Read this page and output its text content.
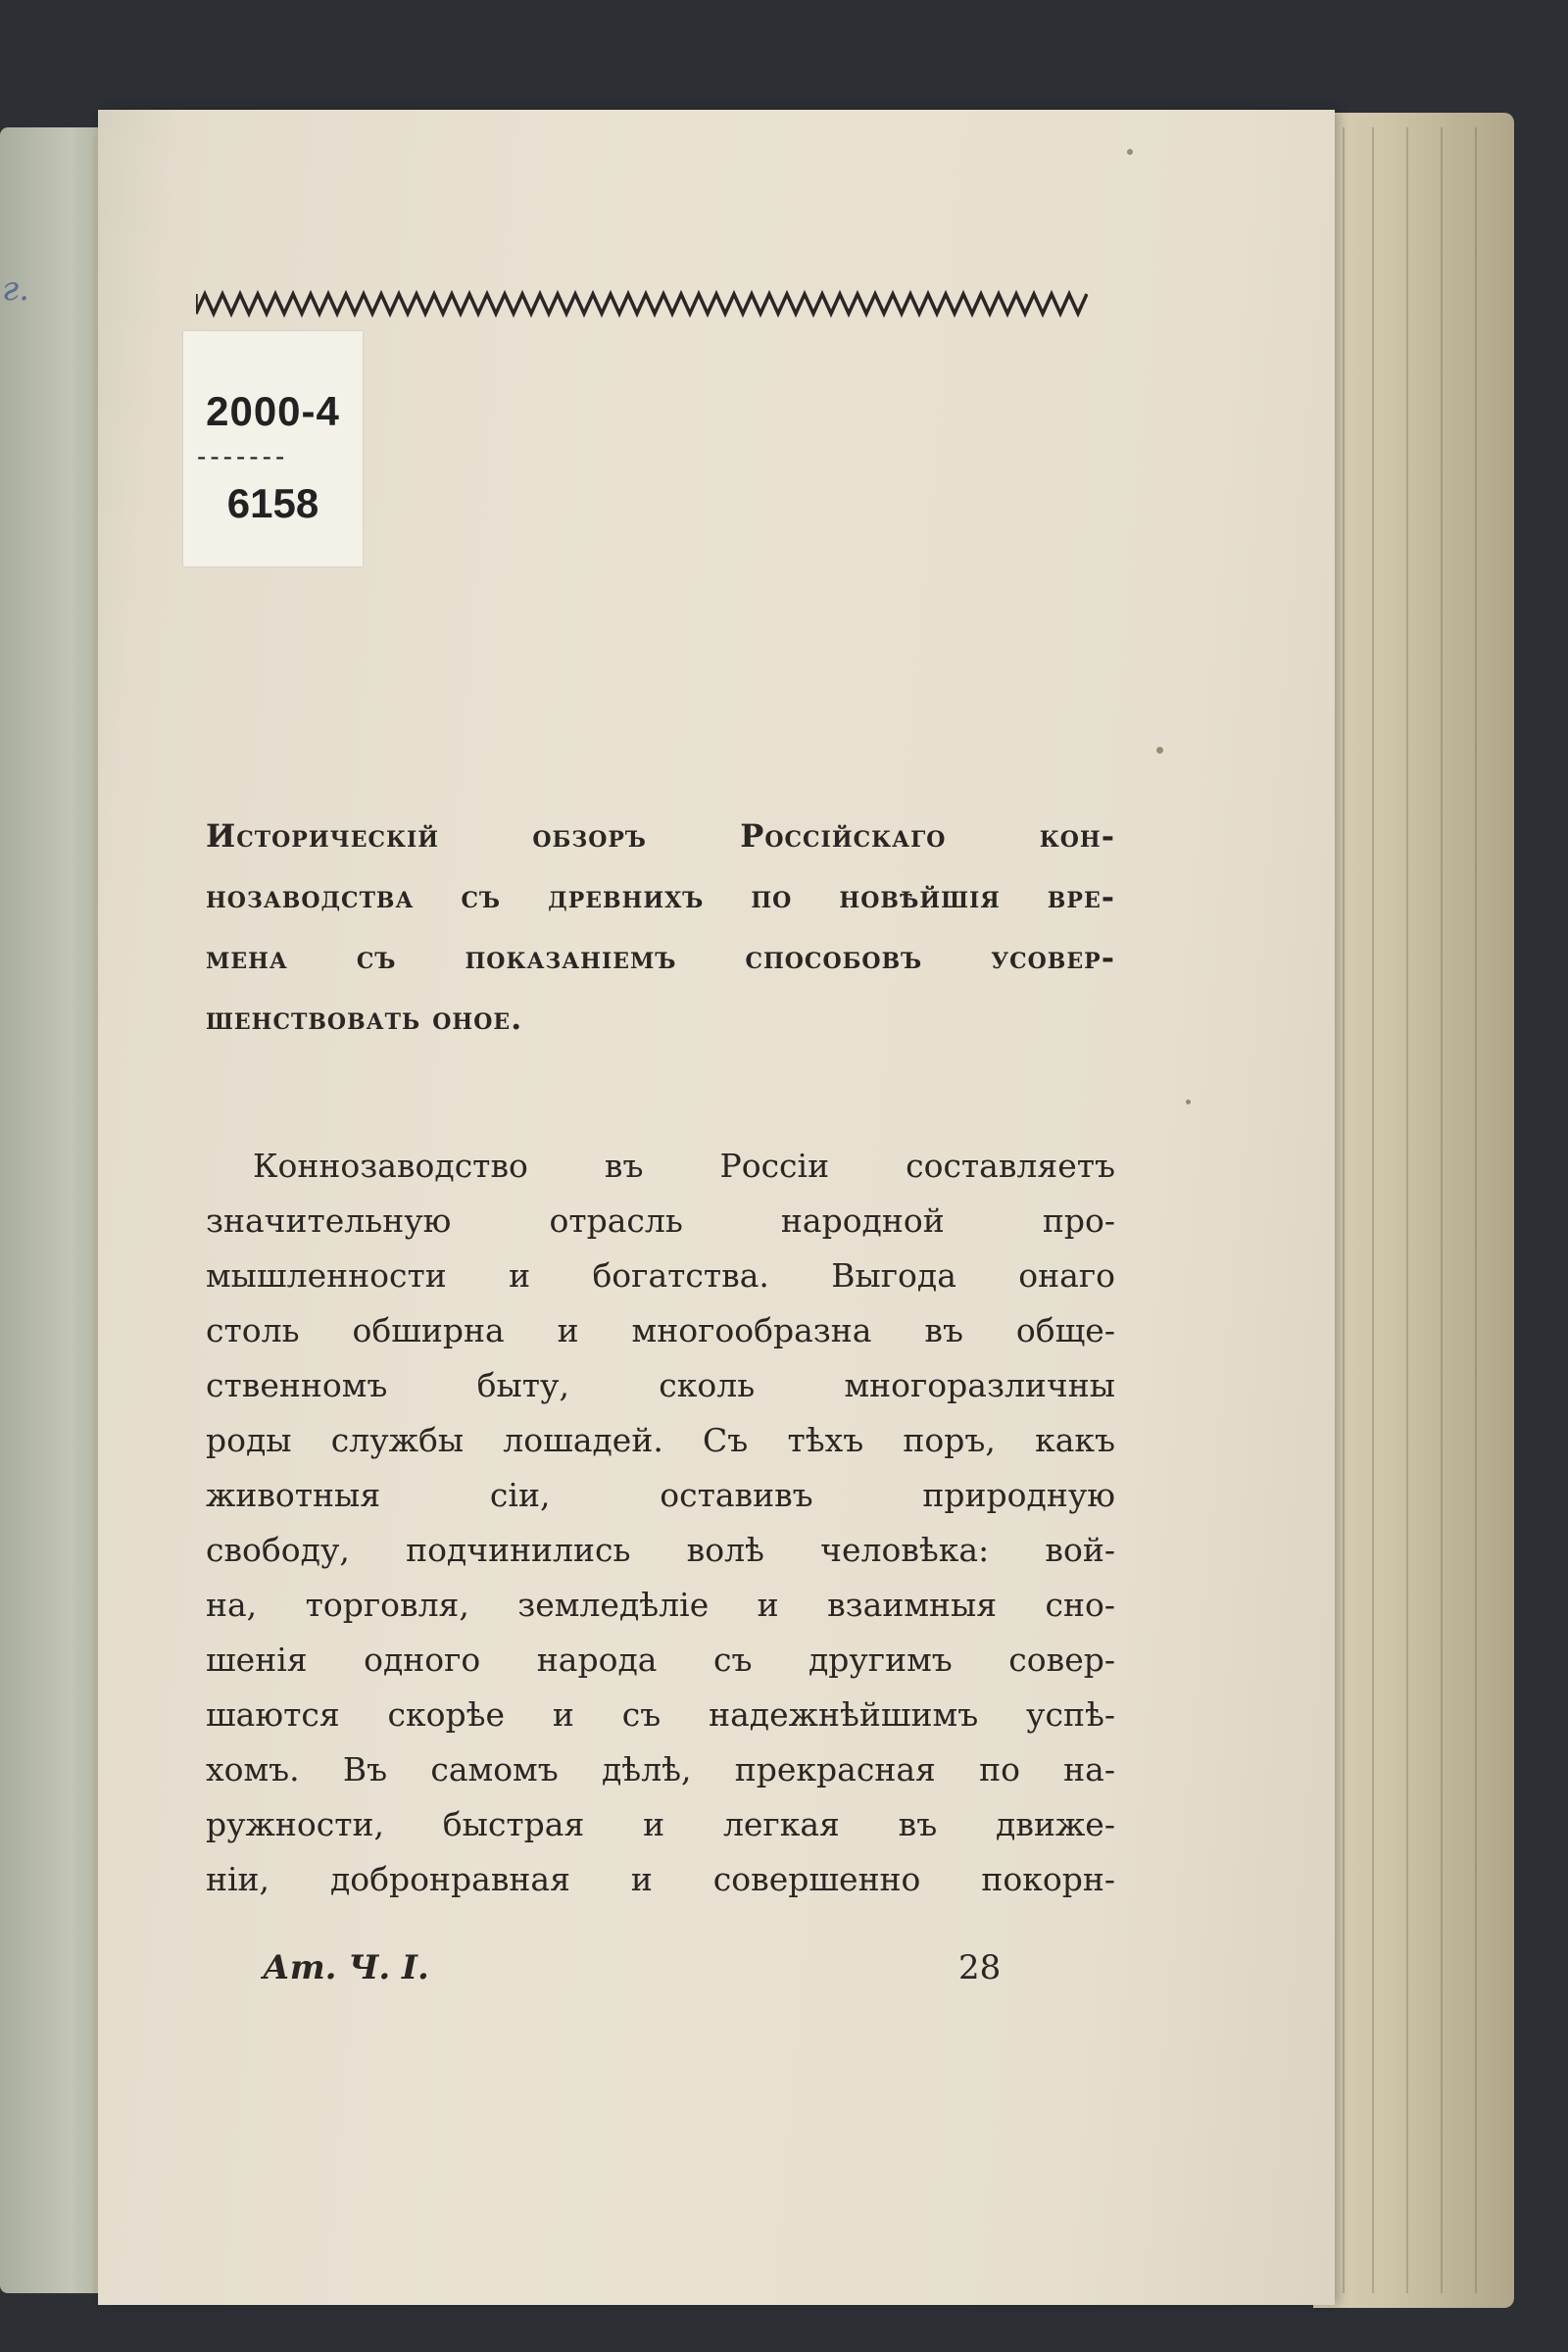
г.
2000-4
-------
6158
Историческій обзоръ Россійскаго кон-
нозаводства съ древнихъ по новѣйшія вре-
мена съ показаніемъ способовъ усовер-
шенствовать оное.
Коннозаводство въ Россіи составляетъ
значительную отрасль народной про-
мышленности и богатства. Выгода онаго
столь обширна и многообразна въ обще-
ственномъ быту, сколь многоразличны
роды службы лошадей. Съ тѣхъ поръ, какъ
животныя сіи, оставивъ природную
свободу, подчинились волѣ человѣка: вой-
на, торговля, земледѣліе и взаимныя сно-
шенія одного народа съ другимъ совер-
шаются скорѣе и съ надежнѣйшимъ успѣ-
хомъ. Въ самомъ дѣлѣ, прекрасная по на-
ружности, быстрая и легкая въ движе-
ніи, добронравная и совершенно покорн-
Ат. Ч. I.	28
